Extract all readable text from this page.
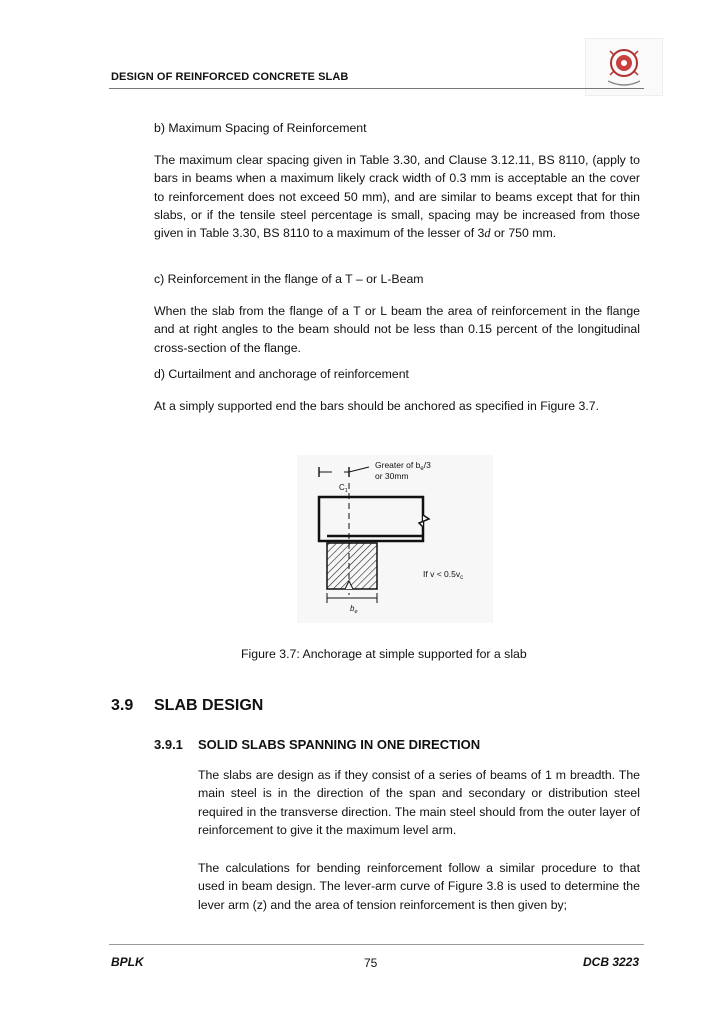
DESIGN OF REINFORCED CONCRETE SLAB
b) Maximum Spacing of Reinforcement

The maximum clear spacing given in Table 3.30, and Clause 3.12.11, BS 8110, (apply to bars in beams when a maximum likely crack width of 0.3 mm is acceptable an the cover to reinforcement does not exceed 50 mm), and are similar to beams except that for thin slabs, or if the tensile steel percentage is small, spacing may be increased from those given in Table 3.30, BS 8110 to a maximum of the lesser of 3d or 750 mm.

c) Reinforcement in the flange of a T – or L-Beam

When the slab from the flange of a T or L beam the area of reinforcement in the flange and at right angles to the beam should not be less than 0.15 percent of the longitudinal cross-section of the flange.

d) Curtailment and anchorage of reinforcement

At a simply supported end the bars should be anchored as specified in Figure 3.7.

Greater of $b_e/3$
or 30mm
$C_1$
$b_e$
If $v < 0.5v_c$
Figure 3.7: Anchorage at simple supported for a slab
3.9 SLAB DESIGN
3.9.1 SOLID SLABS SPANNING IN ONE DIRECTION

The slabs are design as if they consist of a series of beams of 1 m breadth. The main steel is in the direction of the span and secondary or distribution steel required in the transverse direction. The main steel should from the outer layer of reinforcement to give it the maximum level arm.

The calculations for bending reinforcement follow a similar procedure to that used in beam design. The lever-arm curve of Figure 3.8 is used to determine the lever arm (z) and the area of tension reinforcement is then given by;

BPLK	75	DCB 3223
